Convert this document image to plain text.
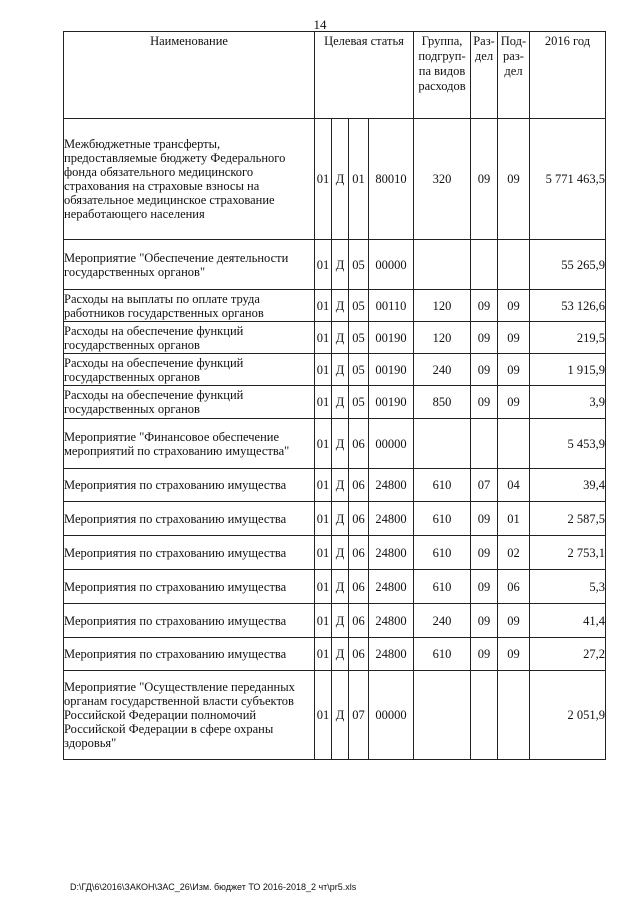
14
Наименование	Целевая статья				Группа, подгруп-па видов расходов	Раз-дел	Под-раз-дел	2016 год
Межбюджетные трансферты, предоставляемые бюджету Федерального фонда обязательного медицинского страхования на страховые взносы на обязательное медицинское страхование неработающего населения	01	Д	01	80010	320	09	09	5 771 463,5
Мероприятие "Обеспечение деятельности государственных органов"	01	Д	05	00000				55 265,9
Расходы на выплаты по оплате труда работников государственных органов	01	Д	05	00110	120	09	09	53 126,6
Расходы на обеспечение функций государственных органов	01	Д	05	00190	120	09	09	219,5
Расходы на обеспечение функций государственных органов	01	Д	05	00190	240	09	09	1 915,9
Расходы на обеспечение функций государственных органов	01	Д	05	00190	850	09	09	3,9
Мероприятие "Финансовое обеспечение мероприятий по страхованию имущества"	01	Д	06	00000				5 453,9
Мероприятия по страхованию имущества	01	Д	06	24800	610	07	04	39,4
Мероприятия по страхованию имущества	01	Д	06	24800	610	09	01	2 587,5
Мероприятия по страхованию имущества	01	Д	06	24800	610	09	02	2 753,1
Мероприятия по страхованию имущества	01	Д	06	24800	610	09	06	5,3
Мероприятия по страхованию имущества	01	Д	06	24800	240	09	09	41,4
Мероприятия по страхованию имущества	01	Д	06	24800	610	09	09	27,2
Мероприятие "Осуществление переданных органам государственной власти субъектов Российской Федерации полномочий Российской Федерации в сфере охраны здоровья"	01	Д	07	00000				2 051,9
D:\ГД\6\2016\ЗАКОН\ЗАС_26\Изм. бюджет ТО 2016-2018_2 чт\pr5.xls
